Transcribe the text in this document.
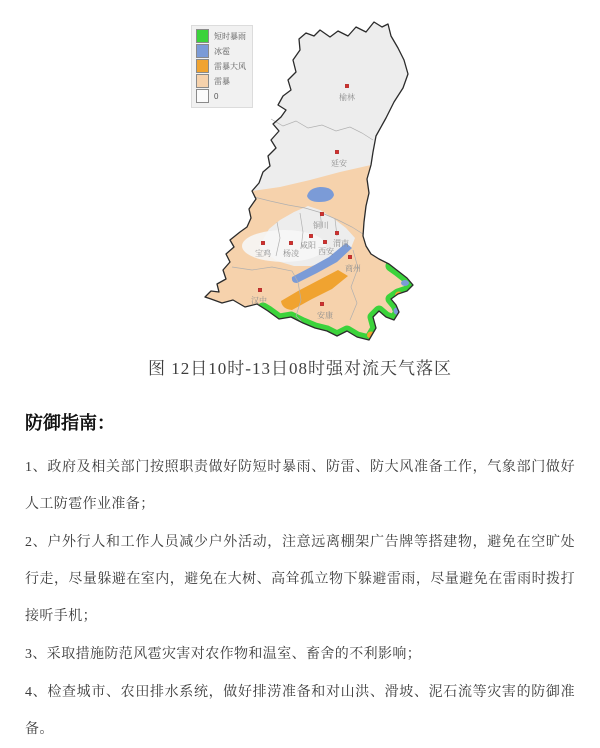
短时暴雨
冰雹
雷暴大风
雷暴
0	榆林
延安
铜川
渭南
咸阳
西安
杨凌
宝鸡
商州
汉中
安康
图 12日10时-13日08时强对流天气落区
防御指南：

1、政府及相关部门按照职责做好防短时暴雨、防雷、防大风准备工作，气象部门做好人工防雹作业准备；

2、户外行人和工作人员减少户外活动，注意远离棚架广告牌等搭建物，避免在空旷处行走，尽量躲避在室内，避免在大树、高耸孤立物下躲避雷雨，尽量避免在雷雨时拨打接听手机；

3、采取措施防范风雹灾害对农作物和温室、畜舍的不利影响；

4、检查城市、农田排水系统，做好排涝准备和对山洪、滑坡、泥石流等灾害的防御准备。
